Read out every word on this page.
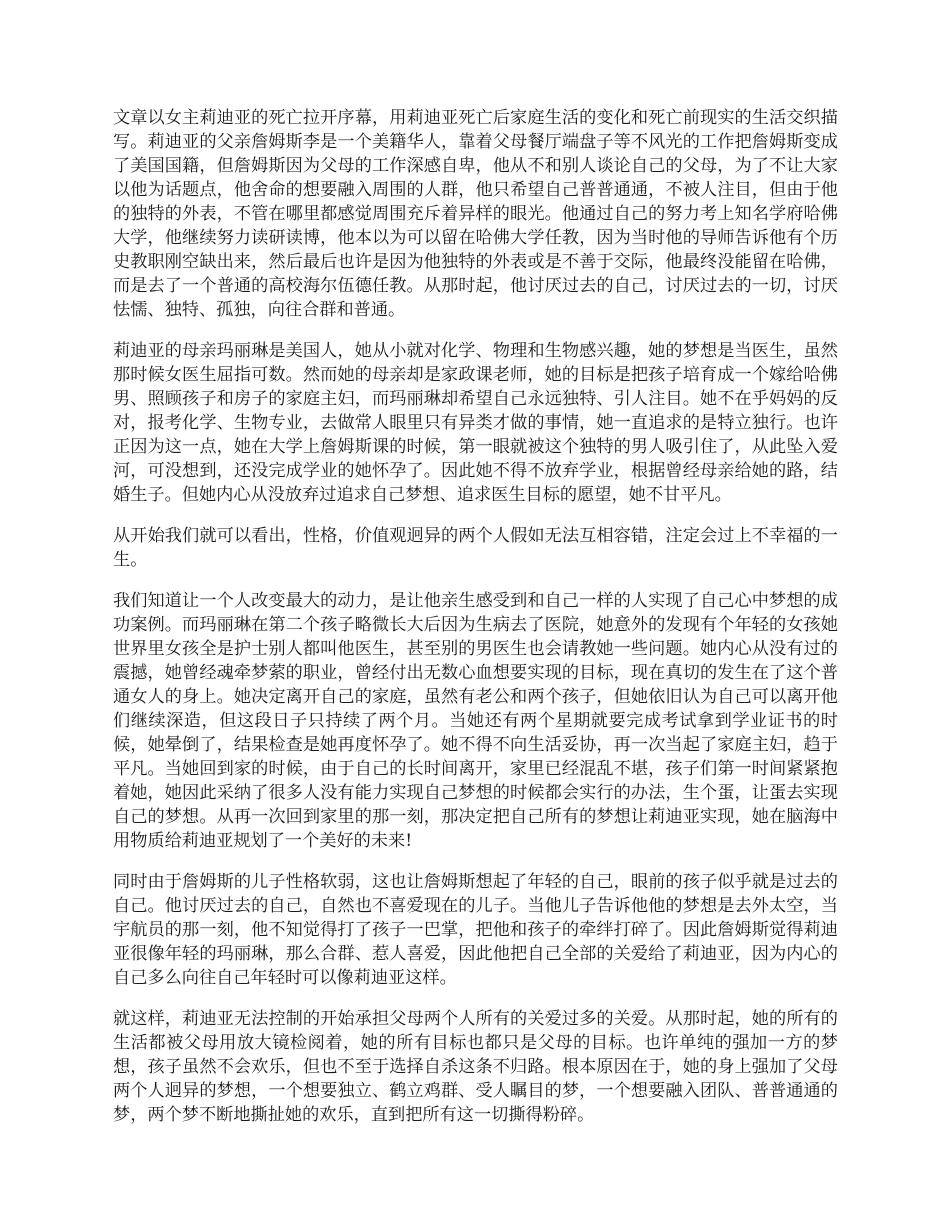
文章以女主莉迪亚的死亡拉开序幕，用莉迪亚死亡后家庭生活的变化和死亡前现实的生活交织描写。莉迪亚的父亲詹姆斯李是一个美籍华人，靠着父母餐厅端盘子等不风光的工作把詹姆斯变成了美国国籍，但詹姆斯因为父母的工作深感自卑，他从不和别人谈论自己的父母，为了不让大家以他为话题点，他舍命的想要融入周围的人群，他只希望自己普普通通，不被人注目，但由于他的独特的外表，不管在哪里都感觉周围充斥着异样的眼光。他通过自己的努力考上知名学府哈佛大学，他继续努力读研读博，他本以为可以留在哈佛大学任教，因为当时他的导师告诉他有个历史教职刚空缺出来，然后最后也许是因为他独特的外表或是不善于交际，他最终没能留在哈佛，而是去了一个普通的高校海尔伍德任教。从那时起，他讨厌过去的自己，讨厌过去的一切，讨厌怯懦、独特、孤独，向往合群和普通。

莉迪亚的母亲玛丽琳是美国人，她从小就对化学、物理和生物感兴趣，她的梦想是当医生，虽然那时候女医生屈指可数。然而她的母亲却是家政课老师，她的目标是把孩子培育成一个嫁给哈佛男、照顾孩子和房子的家庭主妇，而玛丽琳却希望自己永远独特、引人注目。她不在乎妈妈的反对，报考化学、生物专业，去做常人眼里只有异类才做的事情，她一直追求的是特立独行。也许正因为这一点，她在大学上詹姆斯课的时候，第一眼就被这个独特的男人吸引住了，从此坠入爱河，可没想到，还没完成学业的她怀孕了。因此她不得不放弃学业，根据曾经母亲给她的路，结婚生子。但她内心从没放弃过追求自己梦想、追求医生目标的愿望，她不甘平凡。

从开始我们就可以看出，性格，价值观迥异的两个人假如无法互相容错，注定会过上不幸福的一生。

我们知道让一个人改变最大的动力，是让他亲生感受到和自己一样的人实现了自己心中梦想的成功案例。而玛丽琳在第二个孩子略微长大后因为生病去了医院，她意外的发现有个年轻的女孩她世界里女孩全是护士别人都叫他医生，甚至别的男医生也会请教她一些问题。她内心从没有过的震撼，她曾经魂牵梦萦的职业，曾经付出无数心血想要实现的目标，现在真切的发生在了这个普通女人的身上。她决定离开自己的家庭，虽然有老公和两个孩子，但她依旧认为自己可以离开他们继续深造，但这段日子只持续了两个月。当她还有两个星期就要完成考试拿到学业证书的时候，她晕倒了，结果检查是她再度怀孕了。她不得不向生活妥协，再一次当起了家庭主妇，趋于平凡。当她回到家的时候，由于自己的长时间离开，家里已经混乱不堪，孩子们第一时间紧紧抱着她，她因此采纳了很多人没有能力实现自己梦想的时候都会实行的办法，生个蛋，让蛋去实现自己的梦想。从再一次回到家里的那一刻，那决定把自己所有的梦想让莉迪亚实现，她在脑海中用物质给莉迪亚规划了一个美好的未来!

同时由于詹姆斯的儿子性格软弱，这也让詹姆斯想起了年轻的自己，眼前的孩子似乎就是过去的自己。他讨厌过去的自己，自然也不喜爱现在的儿子。当他儿子告诉他他的梦想是去外太空，当宇航员的那一刻，他不知觉得打了孩子一巴掌，把他和孩子的牵绊打碎了。因此詹姆斯觉得莉迪亚很像年轻的玛丽琳，那么合群、惹人喜爱，因此他把自己全部的关爱给了莉迪亚，因为内心的自己多么向往自己年轻时可以像莉迪亚这样。

就这样，莉迪亚无法控制的开始承担父母两个人所有的关爱过多的关爱。从那时起，她的所有的生活都被父母用放大镜检阅着，她的所有目标也都只是父母的目标。也许单纯的强加一方的梦想，孩子虽然不会欢乐，但也不至于选择自杀这条不归路。根本原因在于，她的身上强加了父母两个人迥异的梦想，一个想要独立、鹤立鸡群、受人瞩目的梦，一个想要融入团队、普普通通的梦，两个梦不断地撕扯她的欢乐，直到把所有这一切撕得粉碎。
